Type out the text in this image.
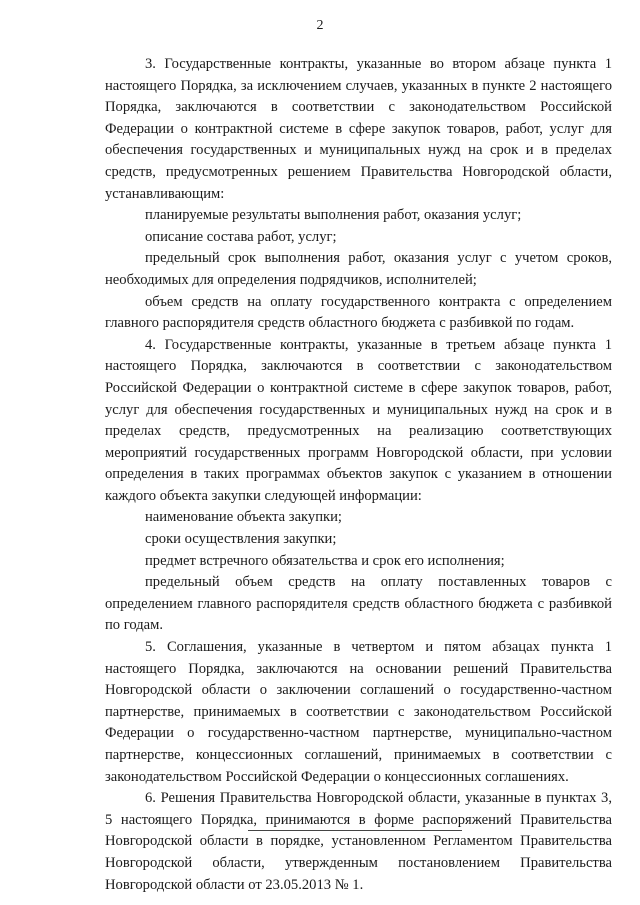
2

3. Государственные контракты, указанные во втором абзаце пункта 1 настоящего Порядка, за исключением случаев, указанных в пункте 2 настоящего Порядка, заключаются в соответствии с законодательством Российской Федерации о контрактной системе в сфере закупок товаров, работ, услуг для обеспечения государственных и муниципальных нужд на срок и в пределах средств, предусмотренных решением Правительства Новгородской области, устанавливающим:

планируемые результаты выполнения работ, оказания услуг;

описание состава работ, услуг;

предельный срок выполнения работ, оказания услуг с учетом сроков, необходимых для определения подрядчиков, исполнителей;

объем средств на оплату государственного контракта с определением главного распорядителя средств областного бюджета с разбивкой по годам.

4. Государственные контракты, указанные в третьем абзаце пункта 1 настоящего Порядка, заключаются в соответствии с законодательством Российской Федерации о контрактной системе в сфере закупок товаров, работ, услуг для обеспечения государственных и муниципальных нужд на срок и в пределах средств, предусмотренных на реализацию соответствующих мероприятий государственных программ Новгородской области, при условии определения в таких программах объектов закупок с указанием в отношении каждого объекта закупки следующей информации:

наименование объекта закупки;

сроки осуществления закупки;

предмет встречного обязательства и срок его исполнения;

предельный объем средств на оплату поставленных товаров с определением главного распорядителя средств областного бюджета с разбивкой по годам.

5. Соглашения, указанные в четвертом и пятом абзацах пункта 1 настоящего Порядка, заключаются на основании решений Правительства Новгородской области о заключении соглашений о государственно-частном партнерстве, принимаемых в соответствии с законодательством Российской Федерации о государственно-частном партнерстве, муниципально-частном партнерстве, концессионных соглашений, принимаемых в соответствии с законодательством Российской Федерации о концессионных соглашениях.

6. Решения Правительства Новгородской области, указанные в пунктах 3, 5 настоящего Порядка, принимаются в форме распоряжений Правительства Новгородской области в порядке, установленном Регламентом Правительства Новгородской области, утвержденным постановлением Правительства Новгородской области от 23.05.2013 № 1.
